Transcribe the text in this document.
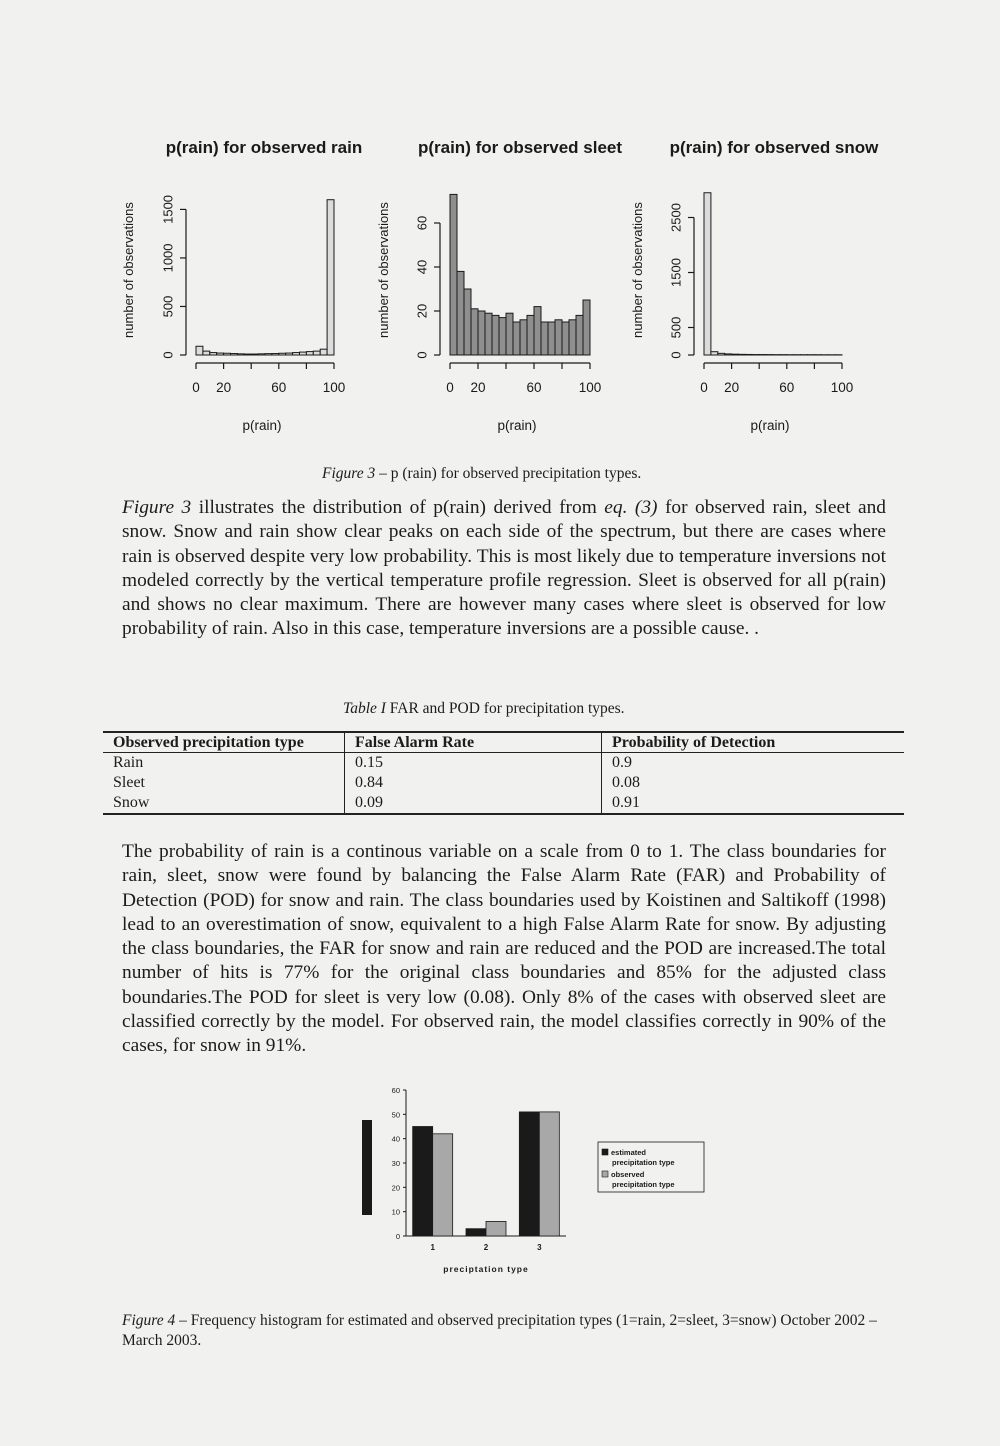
p(rain) for observed rain
number of observations
p(rain)
0
500
1000
1500
0 20	60	100
p(rain) for observed sleet
number of observations
p(rain)
0
20
40
60
0 20	60	100
p(rain) for observed snow
number of observations
p(rain)
0
500
1500
2500
0 20	60	100
Figure 3 – p (rain) for observed precipitation types.
Figure 3 illustrates the distribution of p(rain) derived from eq. (3) for observed rain, sleet and snow. Snow and rain show clear peaks on each side of the spectrum, but there are cases where rain is observed despite very low probability. This is most likely due to temperature inversions not modeled correctly by the vertical temperature profile regression. Sleet is observed for all p(rain) and shows no clear maximum. There are however many cases where sleet is observed for low probability of rain. Also in this case, temperature inversions are a possible cause. .
Table I FAR and POD for precipitation types.
Observed precipitation type	False Alarm Rate	Probability of Detection
Rain	0.15	0.9
Sleet	0.84	0.08
Snow	0.09	0.91
The probability of rain is a continous variable on a scale from 0 to 1. The class boundaries for rain, sleet, snow were found by balancing the False Alarm Rate (FAR) and Probability of Detection (POD) for snow and rain. The class boundaries used by Koistinen and Saltikoff (1998) lead to an overestimation of snow, equivalent to a high False Alarm Rate for snow. By adjusting the class boundaries, the FAR for snow and rain are reduced and the POD are increased.The total number of hits is 77% for the original class boundaries and 85% for the adjusted class boundaries.The POD for sleet is very low (0.08). Only 8% of the cases with observed sleet are classified correctly by the model. For observed rain, the model classifies correctly in 90% of the cases, for snow in 91%.
0
10
20
30
40
50
60
1	2	3
preciptation type
estimated
precipitation type
observed
precipitation type
Figure 4 – Frequency histogram for estimated and observed precipitation types (1=rain, 2=sleet, 3=snow) October 2002 – March 2003.
